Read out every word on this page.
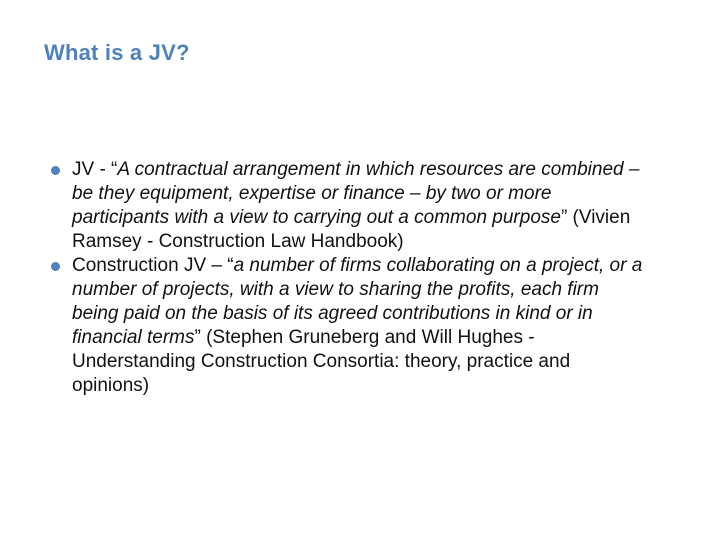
What is a JV?
JV - “A contractual arrangement in which resources are combined – be they equipment, expertise or finance – by two or more participants with a view to carrying out a common purpose” (Vivien Ramsey - Construction Law Handbook)
Construction JV – “a number of firms collaborating on a project, or a number of projects, with a view to sharing the profits, each firm being paid on the basis of its agreed contributions in kind or in financial terms” (Stephen Gruneberg and Will Hughes - Understanding Construction Consortia: theory, practice and opinions)
